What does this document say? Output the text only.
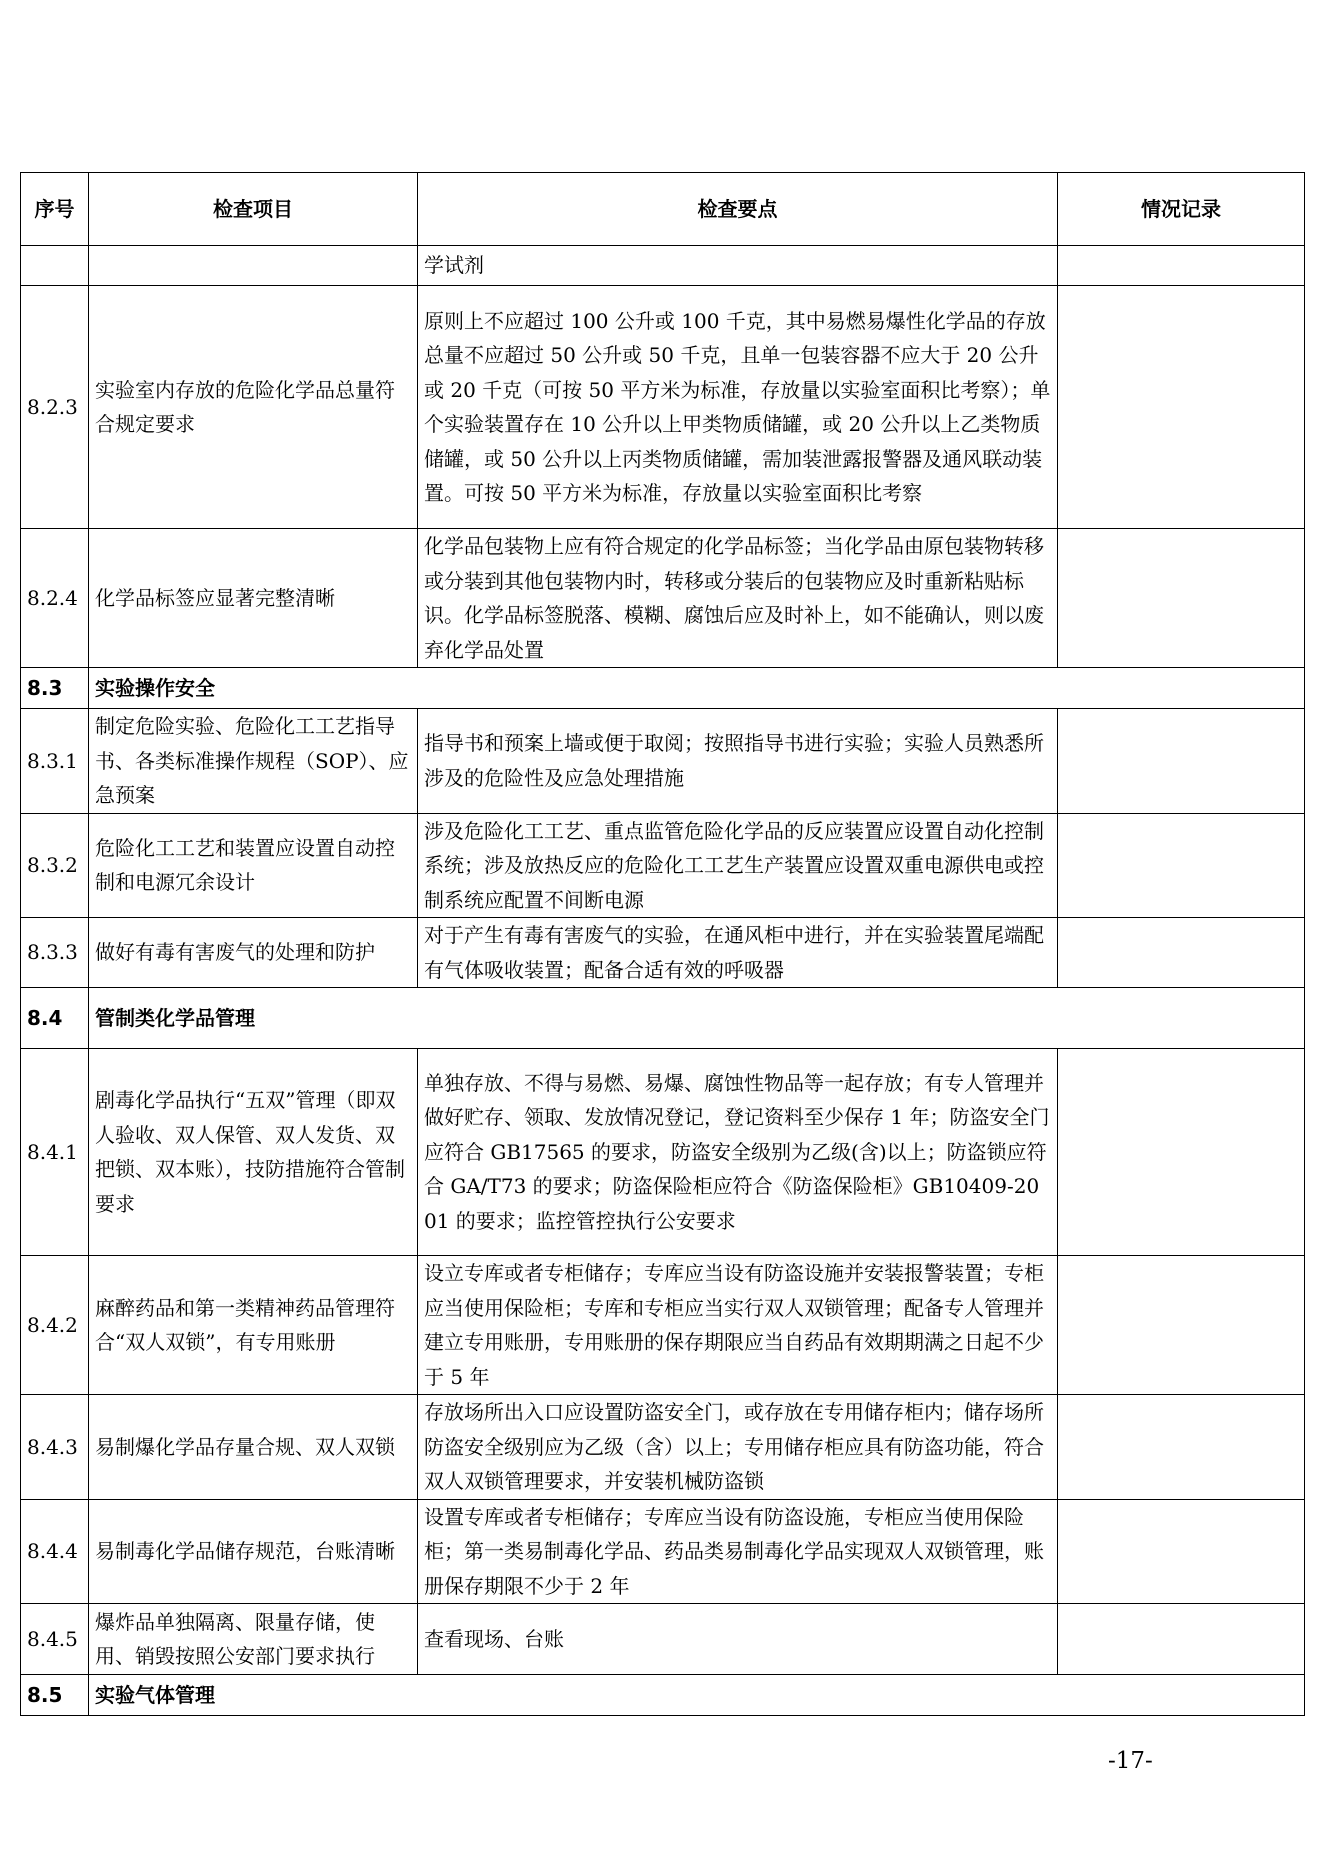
序号	检查项目	检查要点	情况记录
		学试剂	
8.2.3	实验室内存放的危险化学品总量符合规定要求	原则上不应超过 100 公升或 100 千克，其中易燃易爆性化学品的存放总量不应超过 50 公升或 50 千克，且单一包装容器不应大于 20 公升或 20 千克（可按 50 平方米为标准，存放量以实验室面积比考察）；单个实验装置存在 10 公升以上甲类物质储罐，或 20 公升以上乙类物质储罐，或 50 公升以上丙类物质储罐，需加装泄露报警器及通风联动装置。可按 50 平方米为标准，存放量以实验室面积比考察	
8.2.4	化学品标签应显著完整清晰	化学品包装物上应有符合规定的化学品标签；当化学品由原包装物转移或分装到其他包装物内时，转移或分装后的包装物应及时重新粘贴标识。化学品标签脱落、模糊、腐蚀后应及时补上，如不能确认，则以废弃化学品处置	
8.3	实验操作安全		
8.3.1	制定危险实验、危险化工工艺指导书、各类标准操作规程（SOP）、应急预案	指导书和预案上墙或便于取阅；按照指导书进行实验；实验人员熟悉所涉及的危险性及应急处理措施	
8.3.2	危险化工工艺和装置应设置自动控制和电源冗余设计	涉及危险化工工艺、重点监管危险化学品的反应装置应设置自动化控制系统；涉及放热反应的危险化工工艺生产装置应设置双重电源供电或控制系统应配置不间断电源	
8.3.3	做好有毒有害废气的处理和防护	对于产生有毒有害废气的实验，在通风柜中进行，并在实验装置尾端配有气体吸收装置；配备合适有效的呼吸器	
8.4	管制类化学品管理		
8.4.1	剧毒化学品执行“五双”管理（即双人验收、双人保管、双人发货、双把锁、双本账），技防措施符合管制要求	单独存放、不得与易燃、易爆、腐蚀性物品等一起存放；有专人管理并做好贮存、领取、发放情况登记，登记资料至少保存 1 年；防盗安全门应符合 GB17565 的要求，防盗安全级别为乙级(含)以上；防盗锁应符合 GA/T73 的要求；防盗保险柜应符合《防盗保险柜》GB10409-2001 的要求；监控管控执行公安要求	
8.4.2	麻醉药品和第一类精神药品管理符合“双人双锁”，有专用账册	设立专库或者专柜储存；专库应当设有防盗设施并安装报警装置；专柜应当使用保险柜；专库和专柜应当实行双人双锁管理；配备专人管理并建立专用账册，专用账册的保存期限应当自药品有效期期满之日起不少于 5 年	
8.4.3	易制爆化学品存量合规、双人双锁	存放场所出入口应设置防盗安全门，或存放在专用储存柜内；储存场所防盗安全级别应为乙级（含）以上；专用储存柜应具有防盗功能，符合双人双锁管理要求，并安装机械防盗锁	
8.4.4	易制毒化学品储存规范，台账清晰	设置专库或者专柜储存；专库应当设有防盗设施，专柜应当使用保险柜；第一类易制毒化学品、药品类易制毒化学品实现双人双锁管理，账册保存期限不少于 2 年	
8.4.5	爆炸品单独隔离、限量存储，使用、销毁按照公安部门要求执行	查看现场、台账	
8.5	实验气体管理		
-17-
